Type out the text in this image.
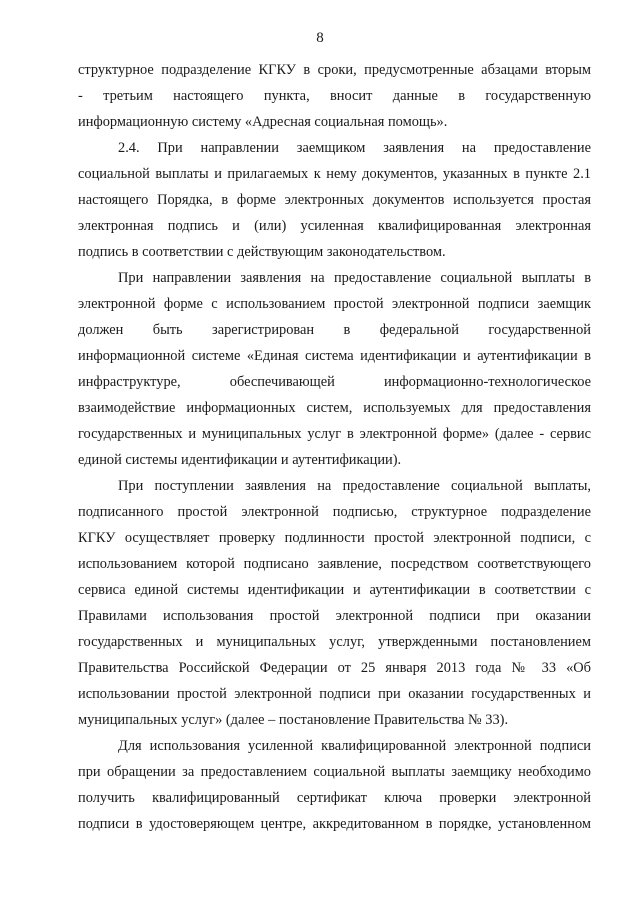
8
структурное подразделение КГКУ в сроки, предусмотренные абзацами вторым
- третьим настоящего пункта, вносит данные в государственную
информационную систему «Адресная социальная помощь».
2.4. При направлении заемщиком заявления на предоставление
социальной выплаты и прилагаемых к нему документов, указанных в пункте 2.1
настоящего Порядка, в форме электронных документов используется простая
электронная подпись и (или) усиленная квалифицированная электронная
подпись в соответствии с действующим законодательством.
При направлении заявления на предоставление социальной выплаты в
электронной форме с использованием простой электронной подписи заемщик
должен быть зарегистрирован в федеральной государственной
информационной системе «Единая система идентификации и аутентификации в
инфраструктуре, обеспечивающей информационно-технологическое
взаимодействие информационных систем, используемых для предоставления
государственных и муниципальных услуг в электронной форме» (далее - сервис
единой системы идентификации и аутентификации).
При поступлении заявления на предоставление социальной выплаты,
подписанного простой электронной подписью, структурное подразделение
КГКУ осуществляет проверку подлинности простой электронной подписи, с
использованием которой подписано заявление, посредством соответствующего
сервиса единой системы идентификации и аутентификации в соответствии с
Правилами использования простой электронной подписи при оказании
государственных и муниципальных услуг, утвержденными постановлением
Правительства Российской Федерации от 25 января 2013 года № 33 «Об
использовании простой электронной подписи при оказании государственных и
муниципальных услуг» (далее – постановление Правительства № 33).
Для использования усиленной квалифицированной электронной подписи
при обращении за предоставлением социальной выплаты заемщику необходимо
получить квалифицированный сертификат ключа проверки электронной
подписи в удостоверяющем центре, аккредитованном в порядке, установленном
